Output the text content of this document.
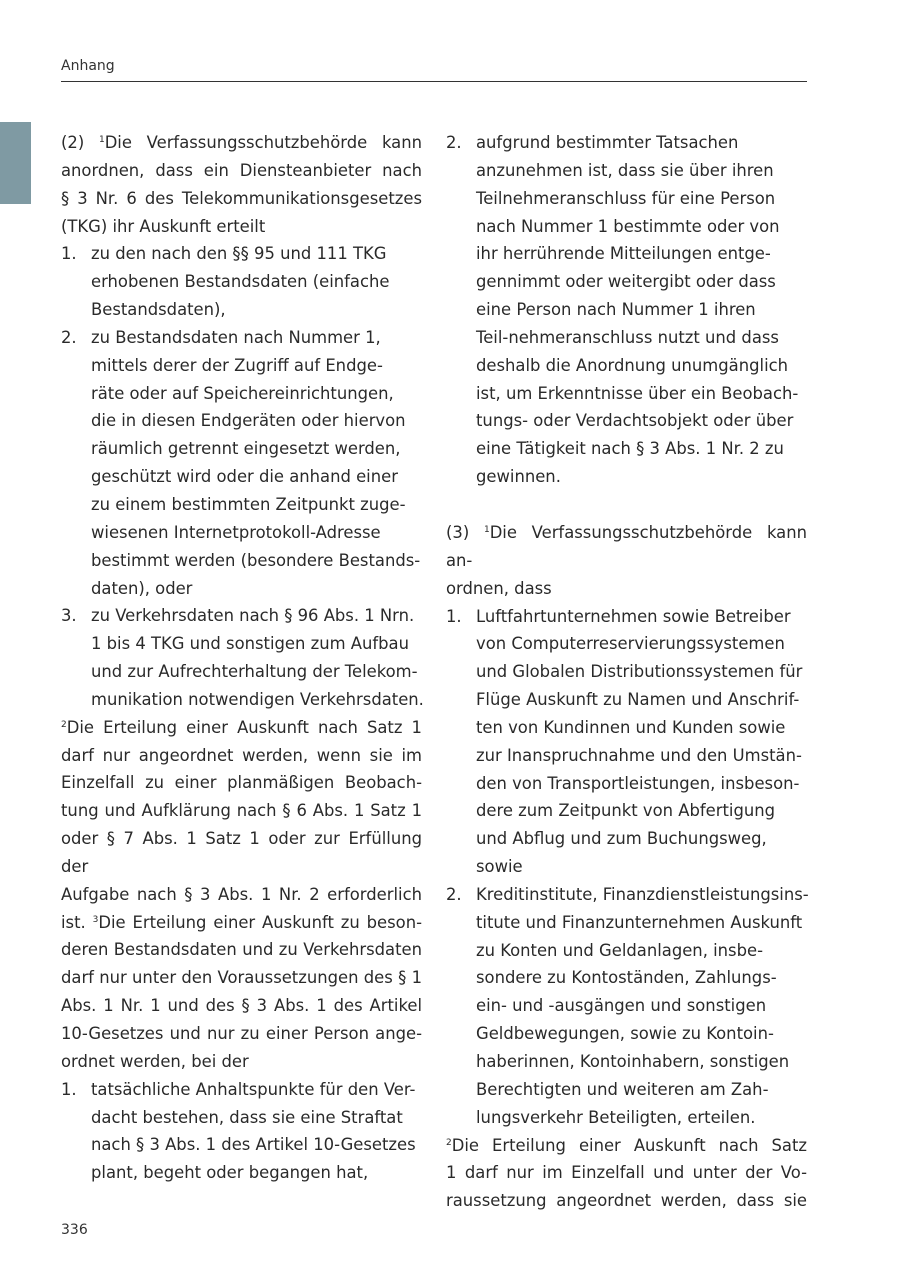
Anhang

(2) $^1$Die Verfassungsschutzbehörde kann

anordnen, dass ein Diensteanbieter nach

§ 3 Nr. 6 des Telekommunikationsgesetzes

(TKG) ihr Auskunft erteilt

1. zu den nach den §§ 95 und 111 TKG
erhobenen Bestandsdaten (einfache
Bestandsdaten),
2. zu Bestandsdaten nach Nummer 1,
mittels derer der Zugriff auf Endge-
räte oder auf Speichereinrichtungen,
die in diesen Endgeräten oder hiervon
räumlich getrennt eingesetzt werden,
geschützt wird oder die anhand einer
zu einem bestimmten Zeitpunkt zuge-
wiesenen Internetprotokoll-Adresse
bestimmt werden (besondere Bestands-
daten), oder
3. zu Verkehrsdaten nach § 96 Abs. 1 Nrn.
1 bis 4 TKG und sonstigen zum Aufbau
und zur Aufrechterhaltung der Telekom-
munikation notwendigen Verkehrsdaten.

$^2$Die Erteilung einer Auskunft nach Satz 1

darf nur angeordnet werden, wenn sie im

Einzelfall zu einer planmäßigen Beobach-

tung und Aufklärung nach § 6 Abs. 1 Satz 1

oder § 7 Abs. 1 Satz 1 oder zur Erfüllung der

Aufgabe nach § 3 Abs. 1 Nr. 2 erforderlich

ist. $^3$Die Erteilung einer Auskunft zu beson-

deren Bestandsdaten und zu Verkehrsdaten

darf nur unter den Voraussetzungen des § 1

Abs. 1 Nr. 1 und des § 3 Abs. 1 des Artikel

10-Gesetzes und nur zu einer Person ange-

ordnet werden, bei der

1. tatsächliche Anhaltspunkte für den Ver-
dacht bestehen, dass sie eine Straftat
nach § 3 Abs. 1 des Artikel 10-Gesetzes
plant, begeht oder begangen hat,
2. aufgrund bestimmter Tatsachen
anzunehmen ist, dass sie über ihren
Teilnehmeranschluss für eine Person
nach Nummer 1 bestimmte oder von
ihr herrührende Mitteilungen entge-
gennimmt oder weitergibt oder dass
eine Person nach Nummer 1 ihren
Teil-nehmeranschluss nutzt und dass
deshalb die Anordnung unumgänglich
ist, um Erkenntnisse über ein Beobach-
tungs- oder Verdachtsobjekt oder über
eine Tätigkeit nach § 3 Abs. 1 Nr. 2 zu
gewinnen.

(3) $^1$Die Verfassungsschutzbehörde kann an-

ordnen, dass

1. Luftfahrtunternehmen sowie Betreiber
von Computerreservierungssystemen
und Globalen Distributionssystemen für
Flüge Auskunft zu Namen und Anschrif-
ten von Kundinnen und Kunden sowie
zur Inanspruchnahme und den Umstän-
den von Transportleistungen, insbeson-
dere zum Zeitpunkt von Abfertigung
und Abflug und zum Buchungsweg,
sowie
2. Kreditinstitute, Finanzdienstleistungsins-
titute und Finanzunternehmen Auskunft
zu Konten und Geldanlagen, insbe-
sondere zu Kontoständen, Zahlungs-
ein- und -ausgängen und sonstigen
Geldbewegungen, sowie zu Kontoin-
haberinnen, Kontoinhabern, sonstigen
Berechtigten und weiteren am Zah-
lungsverkehr Beteiligten, erteilen.

$^2$Die Erteilung einer Auskunft nach Satz

1 darf nur im Einzelfall und unter der Vo-

raussetzung angeordnet werden, dass sie

336
